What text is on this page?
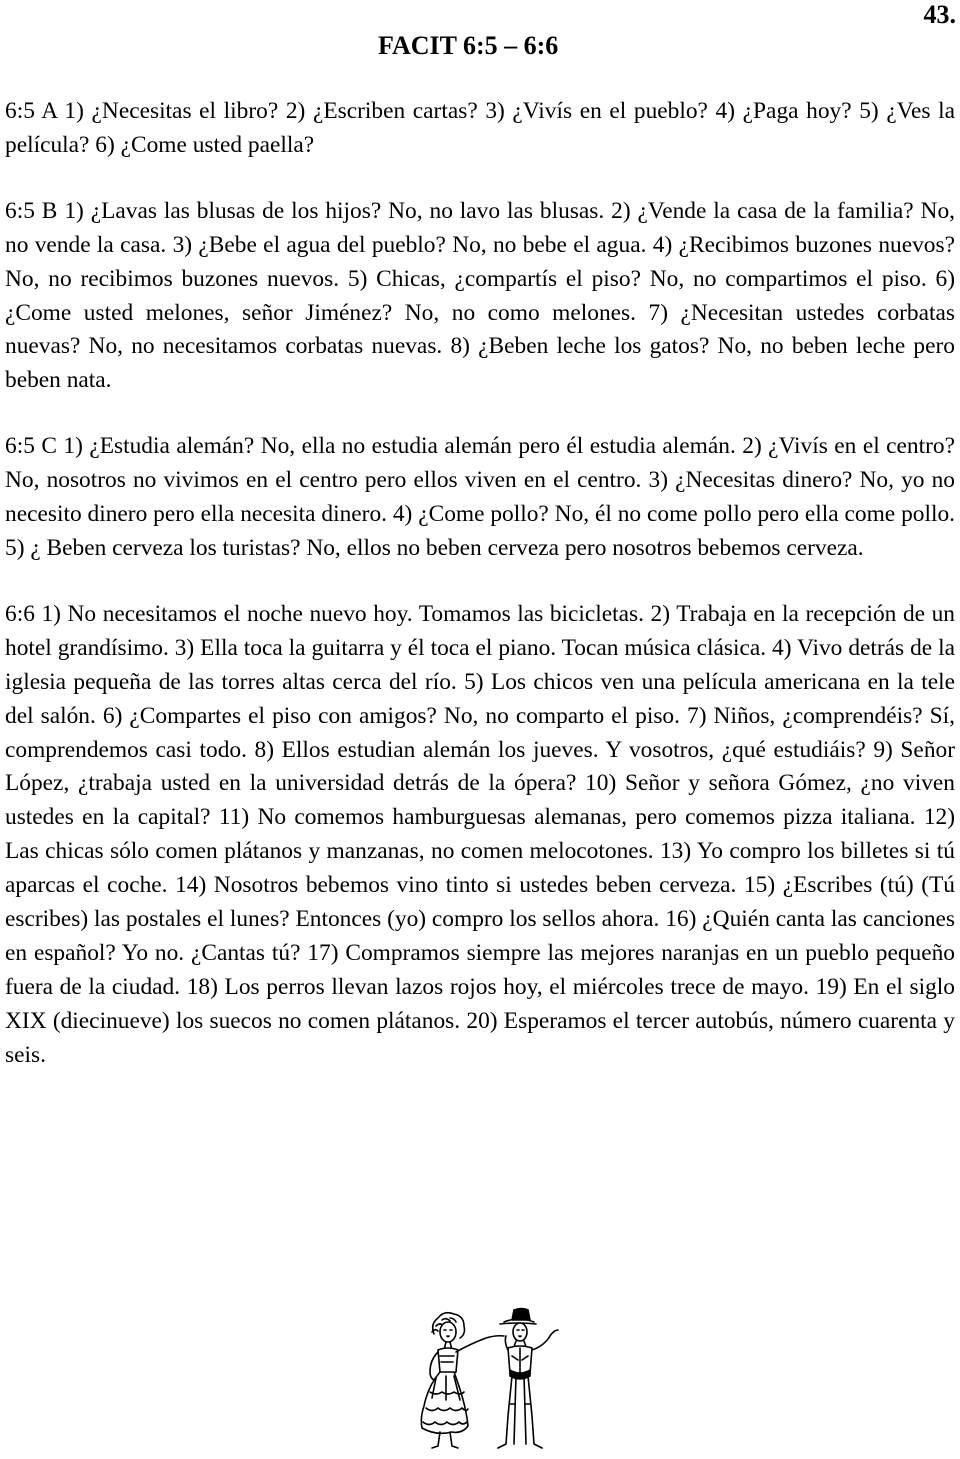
43.
FACIT 6:5 – 6:6

6:5 A 1) ¿Necesitas el libro? 2) ¿Escriben cartas? 3) ¿Vivís en el pueblo? 4) ¿Paga hoy? 5) ¿Ves la película? 6) ¿Come usted paella?

6:5 B 1) ¿Lavas las blusas de los hijos? No, no lavo las blusas. 2) ¿Vende la casa de la familia? No, no vende la casa. 3) ¿Bebe el agua del pueblo? No, no bebe el agua. 4) ¿Recibimos buzones nuevos? No, no recibimos buzones nuevos. 5) Chicas, ¿compartís el piso? No, no compartimos el piso. 6) ¿Come usted melones, señor Jiménez? No, no como melones. 7) ¿Necesitan ustedes corbatas nuevas? No, no necesitamos corbatas nuevas. 8) ¿Beben leche los gatos? No, no beben leche pero beben nata.

6:5 C 1) ¿Estudia alemán? No, ella no estudia alemán pero él estudia alemán. 2) ¿Vivís en el centro? No, nosotros no vivimos en el centro pero ellos viven en el centro. 3) ¿Necesitas dinero? No, yo no necesito dinero pero ella necesita dinero. 4) ¿Come pollo? No, él no come pollo pero ella come pollo. 5) ¿ Beben cerveza los turistas? No, ellos no beben cerveza pero nosotros bebemos cerveza.

6:6 1) No necesitamos el noche nuevo hoy. Tomamos las bicicletas. 2) Trabaja en la recepción de un hotel grandísimo. 3) Ella toca la guitarra y él toca el piano. Tocan música clásica. 4) Vivo detrás de la iglesia pequeña de las torres altas cerca del río. 5) Los chicos ven una película americana en la tele del salón. 6) ¿Compartes el piso con amigos? No, no comparto el piso. 7) Niños, ¿comprendéis? Sí, comprendemos casi todo. 8) Ellos estudian alemán los jueves. Y vosotros, ¿qué estudiáis? 9) Señor López, ¿trabaja usted en la universidad detrás de la ópera? 10) Señor y señora Gómez, ¿no viven ustedes en la capital? 11) No comemos hamburguesas alemanas, pero comemos pizza italiana. 12) Las chicas sólo comen plátanos y manzanas, no comen melocotones. 13) Yo compro los billetes si tú aparcas el coche. 14) Nosotros bebemos vino tinto si ustedes beben cerveza. 15) ¿Escribes (tú) (Tú escribes) las postales el lunes? Entonces (yo) compro los sellos ahora. 16) ¿Quién canta las canciones en español? Yo no. ¿Cantas tú? 17) Compramos siempre las mejores naranjas en un pueblo pequeño fuera de la ciudad. 18) Los perros llevan lazos rojos hoy, el miércoles trece de mayo. 19) En el siglo XIX (diecinueve) los suecos no comen plátanos. 20) Esperamos el tercer autobús, número cuarenta y seis.
